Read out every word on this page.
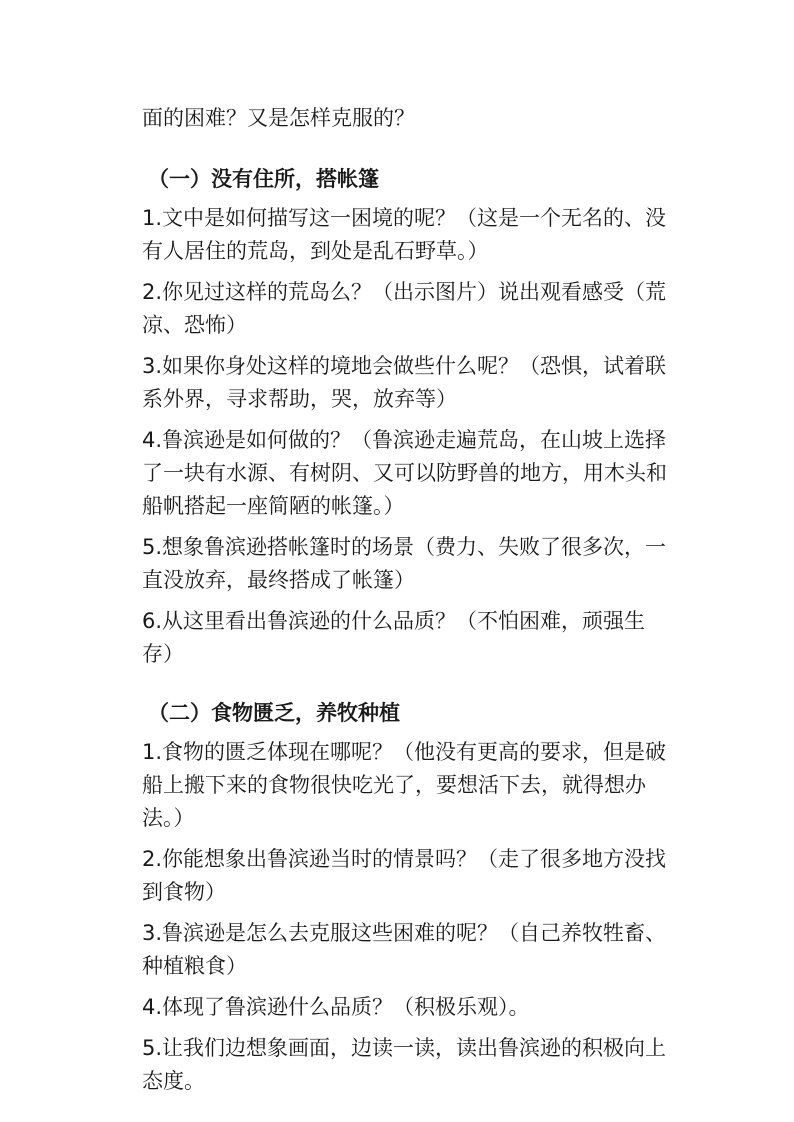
面的困难？又是怎样克服的？

（一）没有住所，搭帐篷

1.文中是如何描写这一困境的呢？（这是一个无名的、没

有人居住的荒岛，到处是乱石野草。）

2.你见过这样的荒岛么？（出示图片）说出观看感受（荒

凉、恐怖）

3.如果你身处这样的境地会做些什么呢？（恐惧，试着联

系外界，寻求帮助，哭，放弃等）

4.鲁滨逊是如何做的？（鲁滨逊走遍荒岛，在山坡上选择

了一块有水源、有树阴、又可以防野兽的地方，用木头和

船帆搭起一座简陋的帐篷。）

5.想象鲁滨逊搭帐篷时的场景（费力、失败了很多次，一

直没放弃，最终搭成了帐篷）

6.从这里看出鲁滨逊的什么品质？（不怕困难，顽强生

存）

（二）食物匮乏，养牧种植

1.食物的匮乏体现在哪呢？（他没有更高的要求，但是破

船上搬下来的食物很快吃光了，要想活下去，就得想办

法。）

2.你能想象出鲁滨逊当时的情景吗？（走了很多地方没找

到食物）

3.鲁滨逊是怎么去克服这些困难的呢？（自己养牧牲畜、

种植粮食）

4.体现了鲁滨逊什么品质？（积极乐观）。

5.让我们边想象画面，边读一读，读出鲁滨逊的积极向上

态度。
